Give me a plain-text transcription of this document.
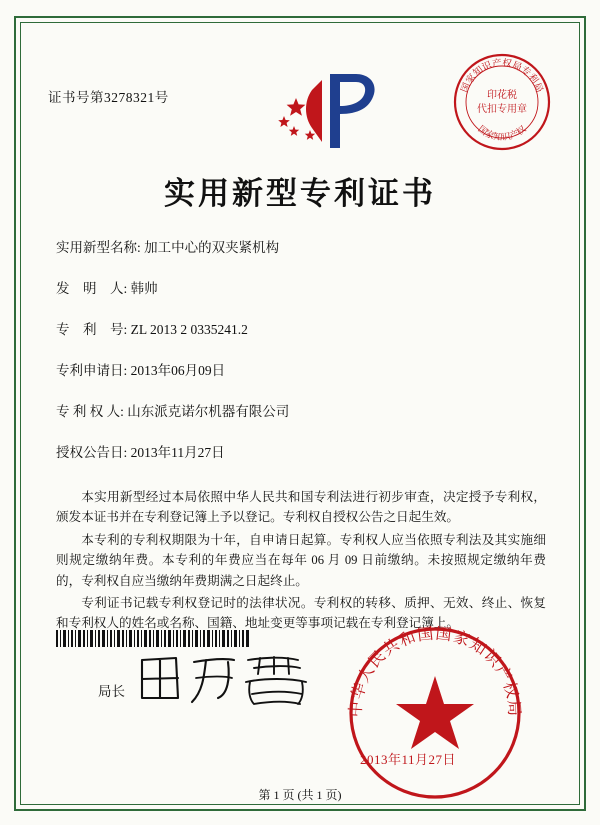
证书号第3278321号
国家知识产权局专利局
国家知识产权
印花税
代扣专用章
实用新型专利证书
实用新型名称: 加工中心的双夹紧机构
发　明　人: 韩帅
专　利　号: ZL 2013 2 0335241.2
专利申请日: 2013年06月09日
专 利 权 人: 山东派克诺尔机器有限公司
授权公告日: 2013年11月27日

本实用新型经过本局依照中华人民共和国专利法进行初步审查，决定授予专利权，颁发本证书并在专利登记簿上予以登记。专利权自授权公告之日起生效。

本专利的专利权期限为十年，自申请日起算。专利权人应当依照专利法及其实施细则规定缴纳年费。本专利的年费应当在每年 06 月 09 日前缴纳。未按照规定缴纳年费的，专利权自应当缴纳年费期满之日起终止。

专利证书记载专利权登记时的法律状况。专利权的转移、质押、无效、终止、恢复和专利权人的姓名或名称、国籍、地址变更等事项记载在专利登记簿上。

局长
中华人民共和国国家知识产权局
2013年11月27日
第 1 页 (共 1 页)
